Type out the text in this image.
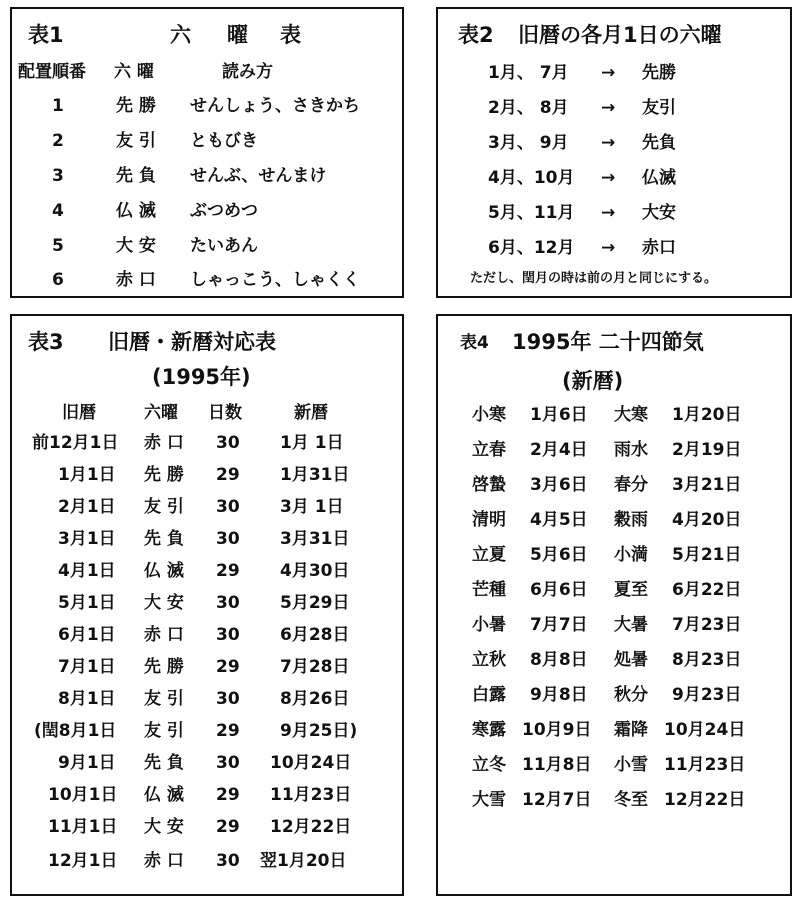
表1	六 曜 表
配置順番 六 曜	読み方
1	先 勝 せんしょう、さきかち
2	友 引 ともびき
3	先 負 せんぶ、せんまけ
4	仏 滅 ぶつめつ
5	大 安 たいあん
6	赤 口 しゃっこう、しゃくく
表2 旧暦の各月1日の六曜
1月、 7月 → 先勝
2月、 8月 → 友引
3月、 9月 → 先負
4月、10月 → 仏滅
5月、11月 → 大安
6月、12月 → 赤口
ただし、閏月の時は前の月と同じにする。
表3 旧暦・新暦対応表
(1995年)
旧暦	六曜 日数	新暦
前12月1日 赤 口 30 1月 1日
1月1日 先 勝 29 1月31日
2月1日 友 引 30 3月 1日
3月1日 先 負 30 3月31日
4月1日 仏 滅 29 4月30日
5月1日 大 安 30 5月29日
6月1日 赤 口 30 6月28日
7月1日 先 勝 29 7月28日
8月1日 友 引 30 8月26日
(閏8月1日 友 引 29 9月25日)
9月1日 先 負 30 10月24日
10月1日 仏 滅 29 11月23日
11月1日 大 安 29 12月22日
12月1日 赤 口 30 翌1月20日
表4 1995年 二十四節気
(新暦)
小寒 1月6日 大寒 1月20日
立春 2月4日 雨水 2月19日
啓蟄 3月6日 春分 3月21日
清明 4月5日 穀雨 4月20日
立夏 5月6日 小満 5月21日
芒種 6月6日 夏至 6月22日
小暑 7月7日 大暑 7月23日
立秋 8月8日 処暑 8月23日
白露 9月8日 秋分 9月23日
寒露 10月9日 霜降 10月24日
立冬 11月8日 小雪 11月23日
大雪 12月7日 冬至 12月22日
